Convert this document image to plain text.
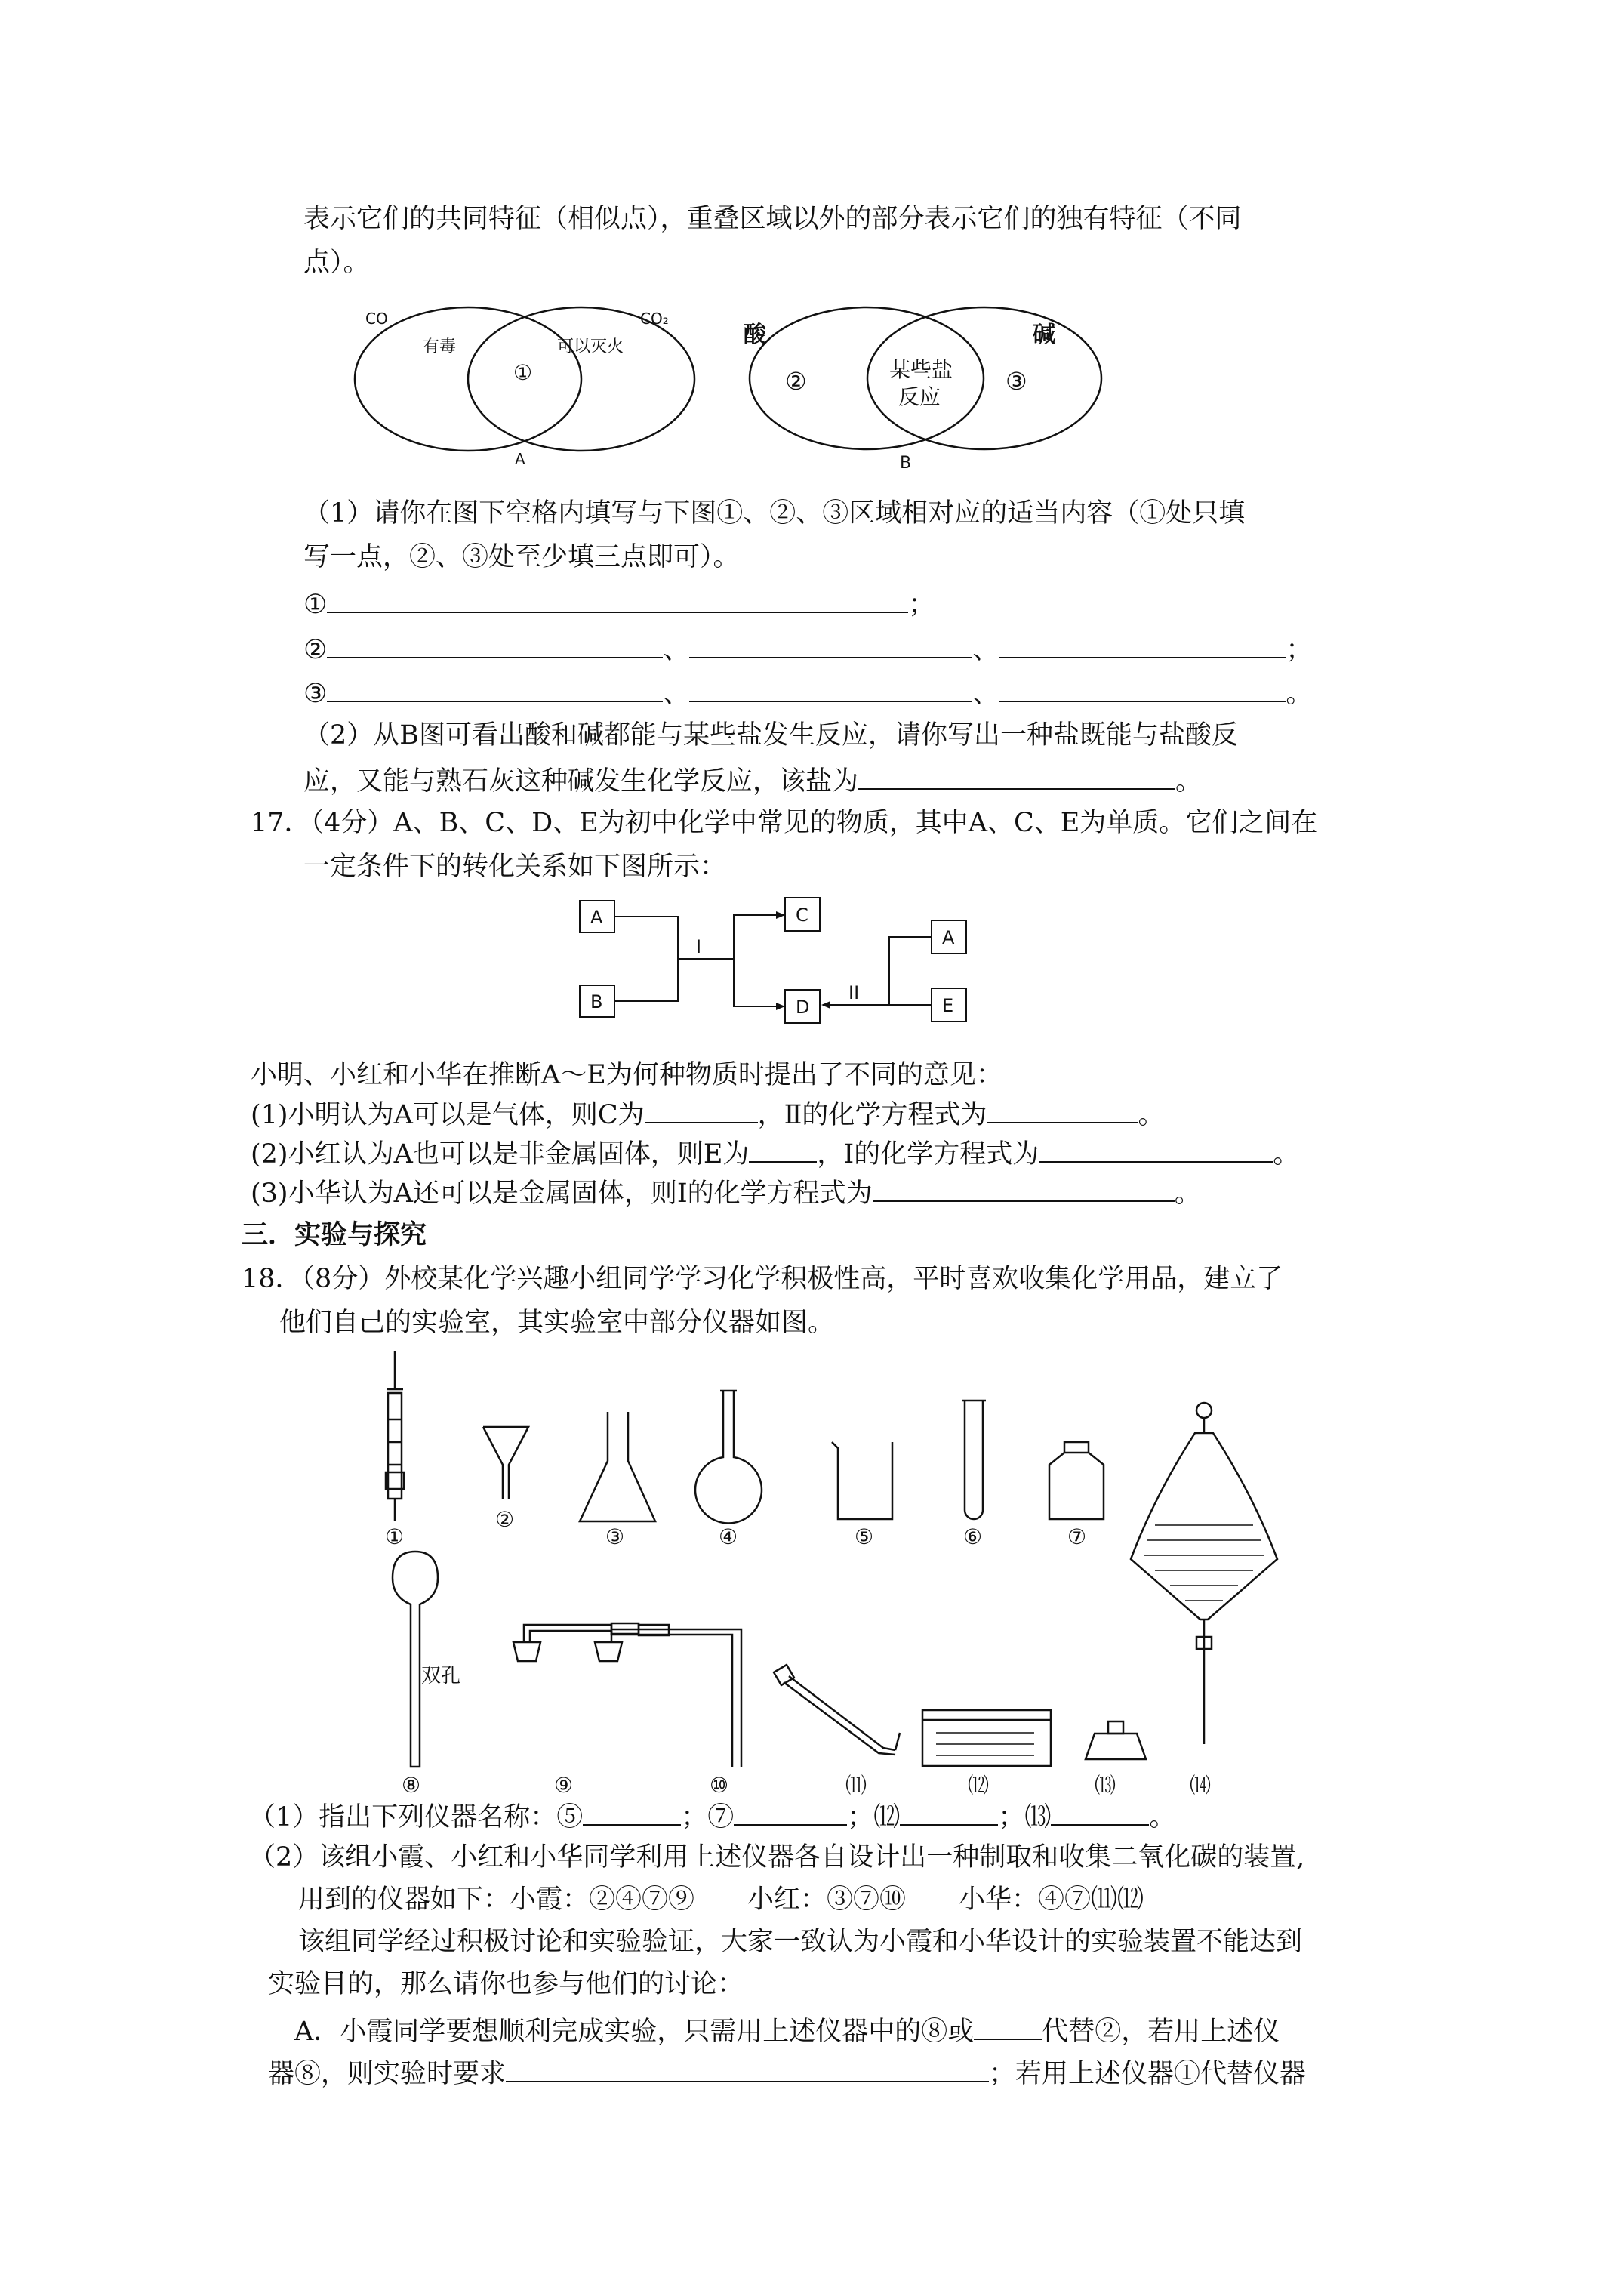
表示它们的共同特征（相似点），重叠区域以外的部分表示它们的独有特征（不同
点）。
CO	CO₂
有毒	可以灭火
①
A
酸	碱
②	③
某些盐
反应
B
（1）请你在图下空格内填写与下图①、②、③区域相对应的适当内容（①处只填
写一点，②、③处至少填三点即可）。
①	；
②	、	、	；
③	、	、	。
（2）从B图可看出酸和碱都能与某些盐发生反应，请你写出一种盐既能与盐酸反
应，又能与熟石灰这种碱发生化学反应，该盐为	。
17．（4分）A、B、C、D、E为初中化学中常见的物质，其中A、C、E为单质。它们之间在
一定条件下的转化关系如下图所示：
A
B
C
D
A
E
I
II
小明、小红和小华在推断A～E为何种物质时提出了不同的意见：
(1)小明认为A可以是气体，则C为	，Ⅱ的化学方程式为	。
(2)小红认为A也可以是非金属固体，则E为	，Ⅰ的化学方程式为	。
(3)小华认为A还可以是金属固体，则I的化学方程式为	。
三．实验与探究
18．（8分）外校某化学兴趣小组同学学习化学积极性高，平时喜欢收集化学用品，建立了
他们自己的实验室，其实验室中部分仪器如图。
双孔
①
②
③	④	⑤	⑥	⑦
⑧	⑨	⑩	⑾	⑿	⒀	⒁
（1）指出下列仪器名称：⑤	；⑦	；⑿	；⒀	。
（2）该组小霞、小红和小华同学利用上述仪器各自设计出一种制取和收集二氧化碳的装置,
用到的仪器如下：小霞：②④⑦⑨　　小红：③⑦⑩　　小华：④⑦⑾⑿
该组同学经过积极讨论和实验验证，大家一致认为小霞和小华设计的实验装置不能达到
实验目的，那么请你也参与他们的讨论：
A．小霞同学要想顺利完成实验，只需用上述仪器中的⑧或	代替②，若用上述仪
器⑧，则实验时要求	；若用上述仪器①代替仪器
